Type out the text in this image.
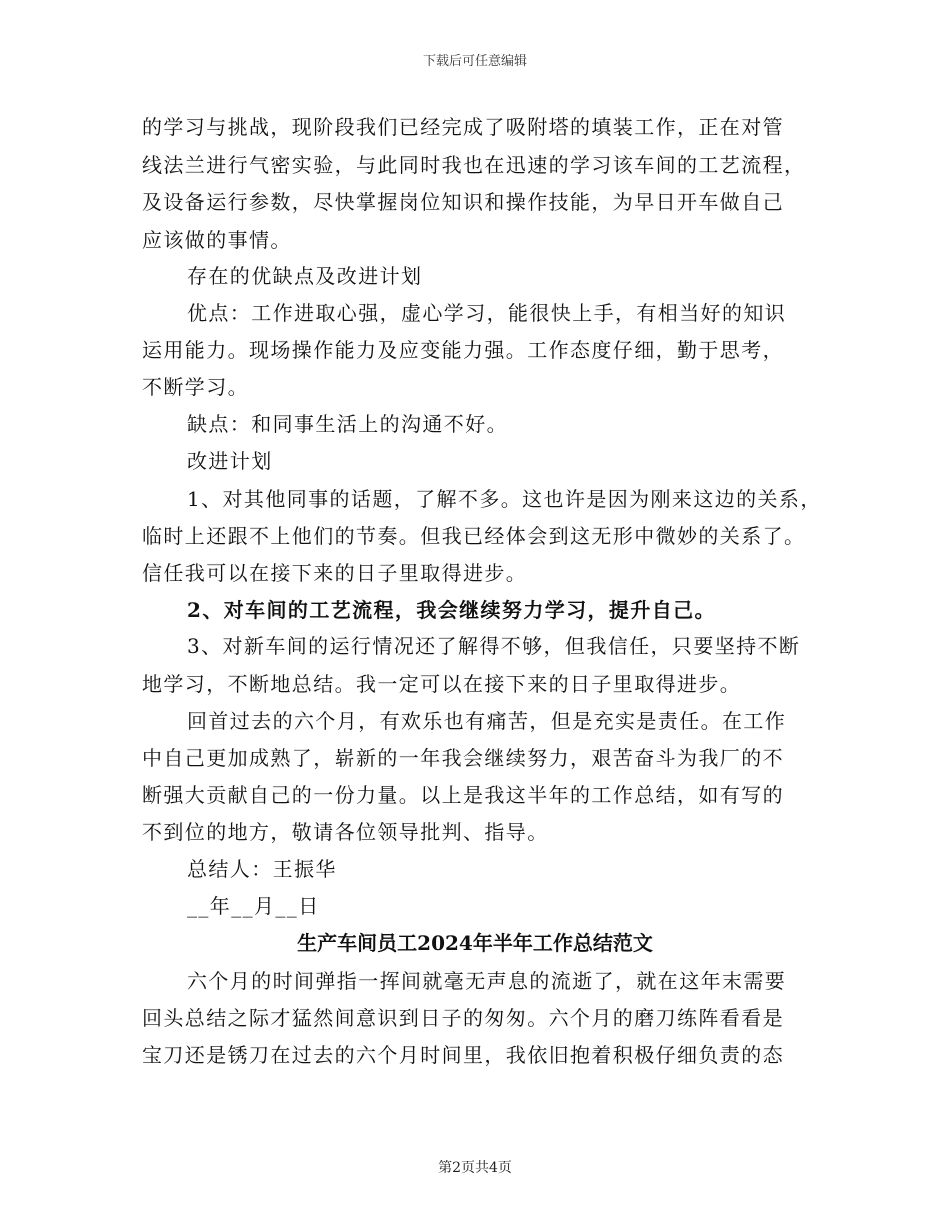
下载后可任意编辑

的学习与挑战，现阶段我们已经完成了吸附塔的填装工作，正在对管

线法兰进行气密实验，与此同时我也在迅速的学习该车间的工艺流程，

及设备运行参数，尽快掌握岗位知识和操作技能，为早日开车做自己

应该做的事情。

存在的优缺点及改进计划

优点：工作进取心强，虚心学习，能很快上手，有相当好的知识

运用能力。现场操作能力及应变能力强。工作态度仔细，勤于思考，

不断学习。

缺点：和同事生活上的沟通不好。

改进计划

1、对其他同事的话题，了解不多。这也许是因为刚来这边的关系，

临时上还跟不上他们的节奏。但我已经体会到这无形中微妙的关系了。

信任我可以在接下来的日子里取得进步。

2、对车间的工艺流程，我会继续努力学习，提升自己。

3、对新车间的运行情况还了解得不够，但我信任，只要坚持不断

地学习，不断地总结。我一定可以在接下来的日子里取得进步。

回首过去的六个月，有欢乐也有痛苦，但是充实是责任。在工作

中自己更加成熟了，崭新的一年我会继续努力，艰苦奋斗为我厂的不

断强大贡献自己的一份力量。以上是我这半年的工作总结，如有写的

不到位的地方，敬请各位领导批判、指导。

总结人：王振华

__年__月__日

生产车间员工2024年半年工作总结范文

六个月的时间弹指一挥间就毫无声息的流逝了，就在这年末需要

回头总结之际才猛然间意识到日子的匆匆。六个月的磨刀练阵看看是

宝刀还是锈刀在过去的六个月时间里，我依旧抱着积极仔细负责的态

第2页共4页
